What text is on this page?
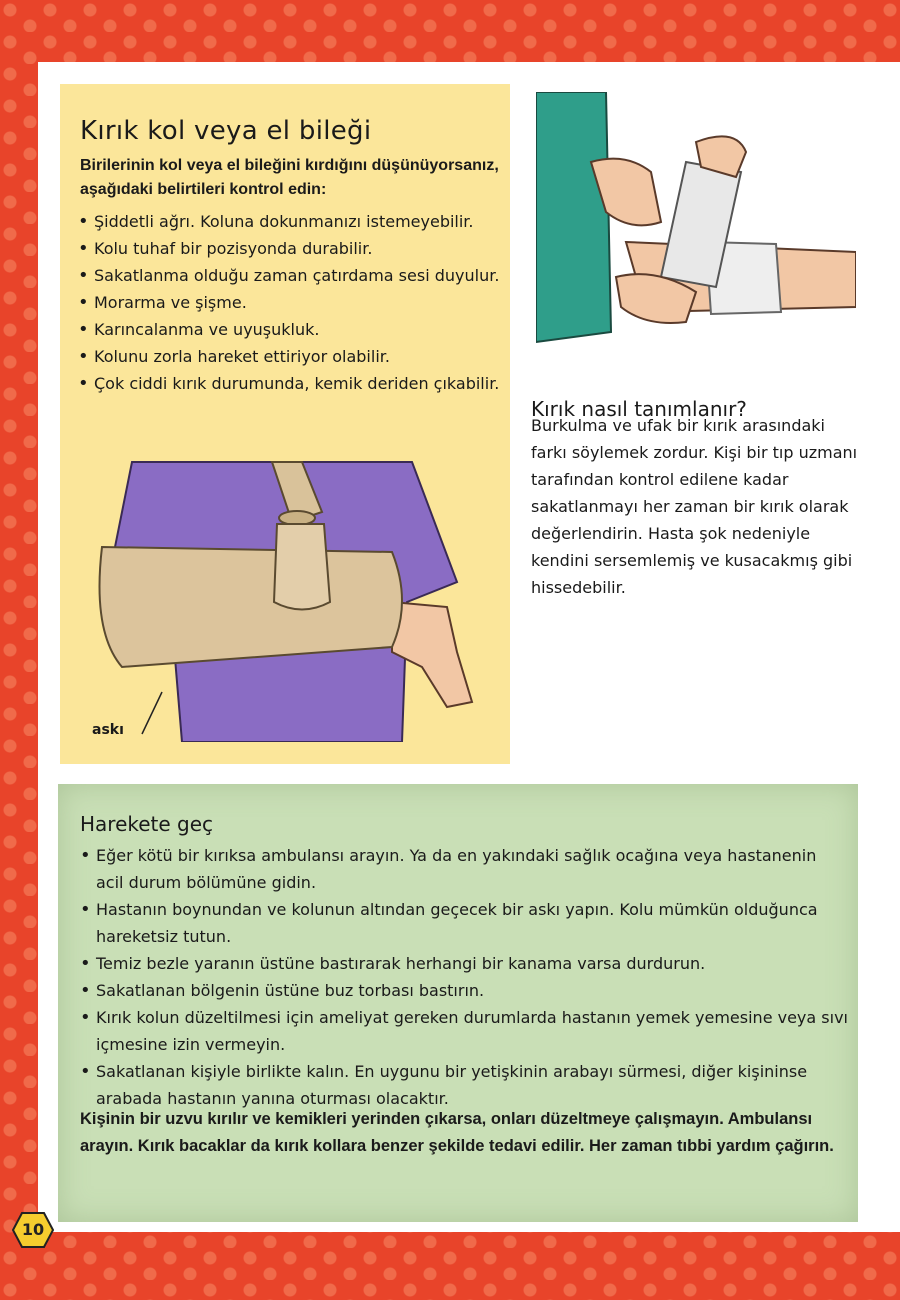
Kırık kol veya el bileği
Birilerinin kol veya el bileğini kırdığını düşünüyorsanız, aşağıdaki belirtileri kontrol edin:
• Şiddetli ağrı. Koluna dokunmanızı istemeyebilir.
• Kolu tuhaf bir pozisyonda durabilir.
• Sakatlanma olduğu zaman çatırdama sesi duyulur.
• Morarma ve şişme.
• Karıncalanma ve uyuşukluk.
• Kolunu zorla hareket ettiriyor olabilir.
• Çok ciddi kırık durumunda, kemik deriden çıkabilir.
askı
Kırık nasıl tanımlanır?
Burkulma ve ufak bir kırık arasındaki farkı söylemek zordur. Kişi bir tıp uzmanı tarafından kontrol edilene kadar sakatlanmayı her zaman bir kırık olarak değerlendirin. Hasta şok nedeniyle kendini sersemlemiş ve kusacakmış gibi hissedebilir.
Harekete geç
• Eğer kötü bir kırıksa ambulansı arayın. Ya da en yakındaki sağlık ocağına veya hastanenin acil durum bölümüne gidin.
• Hastanın boynundan ve kolunun altından geçecek bir askı yapın. Kolu mümkün olduğunca hareketsiz tutun.
• Temiz bezle yaranın üstüne bastırarak herhangi bir kanama varsa durdurun.
• Sakatlanan bölgenin üstüne buz torbası bastırın.
• Kırık kolun düzeltilmesi için ameliyat gereken durumlarda hastanın yemek yemesine veya sıvı içmesine izin vermeyin.
• Sakatlanan kişiyle birlikte kalın. En uygunu bir yetişkinin arabayı sürmesi, diğer kişininse arabada hastanın yanına oturması olacaktır.
Kişinin bir uzvu kırılır ve kemikleri yerinden çıkarsa, onları düzeltmeye çalışmayın. Ambulansı arayın. Kırık bacaklar da kırık kollara benzer şekilde tedavi edilir. Her zaman tıbbi yardım çağırın.
10
